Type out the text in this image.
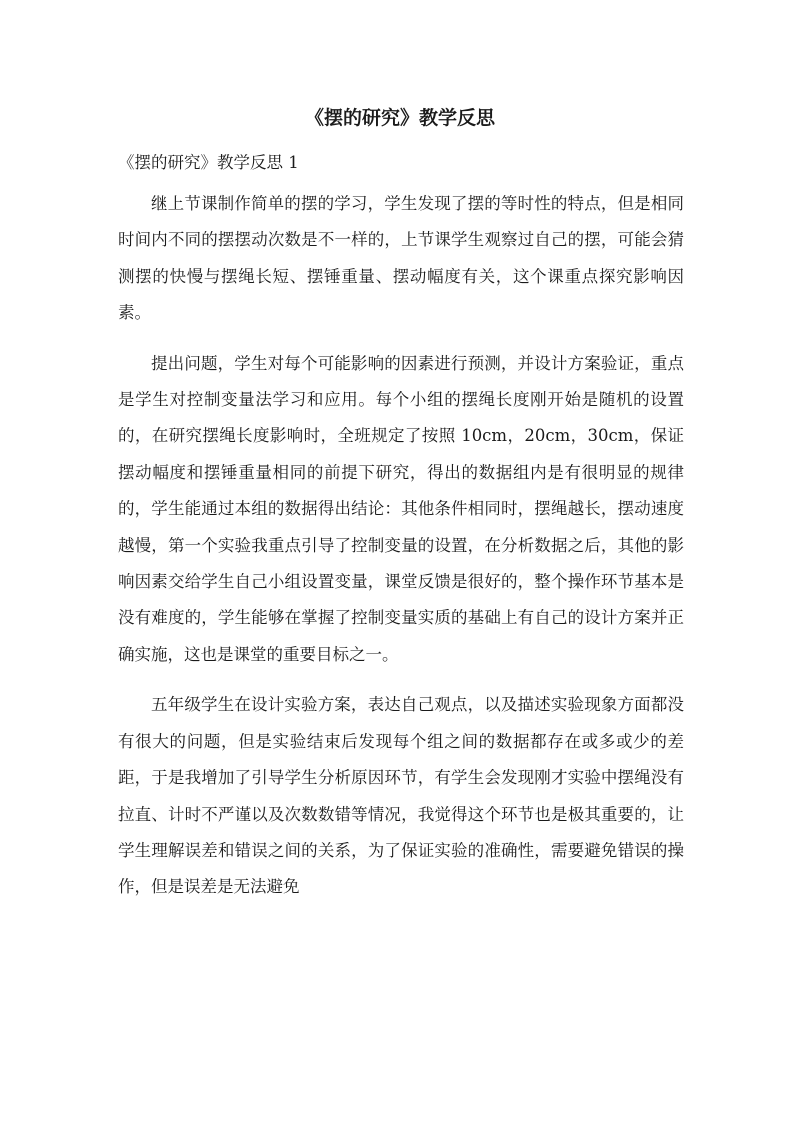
《摆的研究》教学反思
《摆的研究》教学反思 1

继上节课制作简单的摆的学习，学生发现了摆的等时性的特点，但是相同时间内不同的摆摆动次数是不一样的，上节课学生观察过自己的摆，可能会猜测摆的快慢与摆绳长短、摆锤重量、摆动幅度有关，这个课重点探究影响因素。

提出问题，学生对每个可能影响的因素进行预测，并设计方案验证，重点是学生对控制变量法学习和应用。每个小组的摆绳长度刚开始是随机的设置的，在研究摆绳长度影响时，全班规定了按照 10cm，20cm，30cm，保证摆动幅度和摆锤重量相同的前提下研究，得出的数据组内是有很明显的规律的，学生能通过本组的数据得出结论：其他条件相同时，摆绳越长，摆动速度越慢，第一个实验我重点引导了控制变量的设置，在分析数据之后，其他的影响因素交给学生自己小组设置变量，课堂反馈是很好的，整个操作环节基本是没有难度的，学生能够在掌握了控制变量实质的基础上有自己的设计方案并正确实施，这也是课堂的重要目标之一。

五年级学生在设计实验方案，表达自己观点，以及描述实验现象方面都没有很大的问题，但是实验结束后发现每个组之间的数据都存在或多或少的差距，于是我增加了引导学生分析原因环节，有学生会发现刚才实验中摆绳没有拉直、计时不严谨以及次数数错等情况，我觉得这个环节也是极其重要的，让学生理解误差和错误之间的关系，为了保证实验的准确性，需要避免错误的操作，但是误差是无法避免
